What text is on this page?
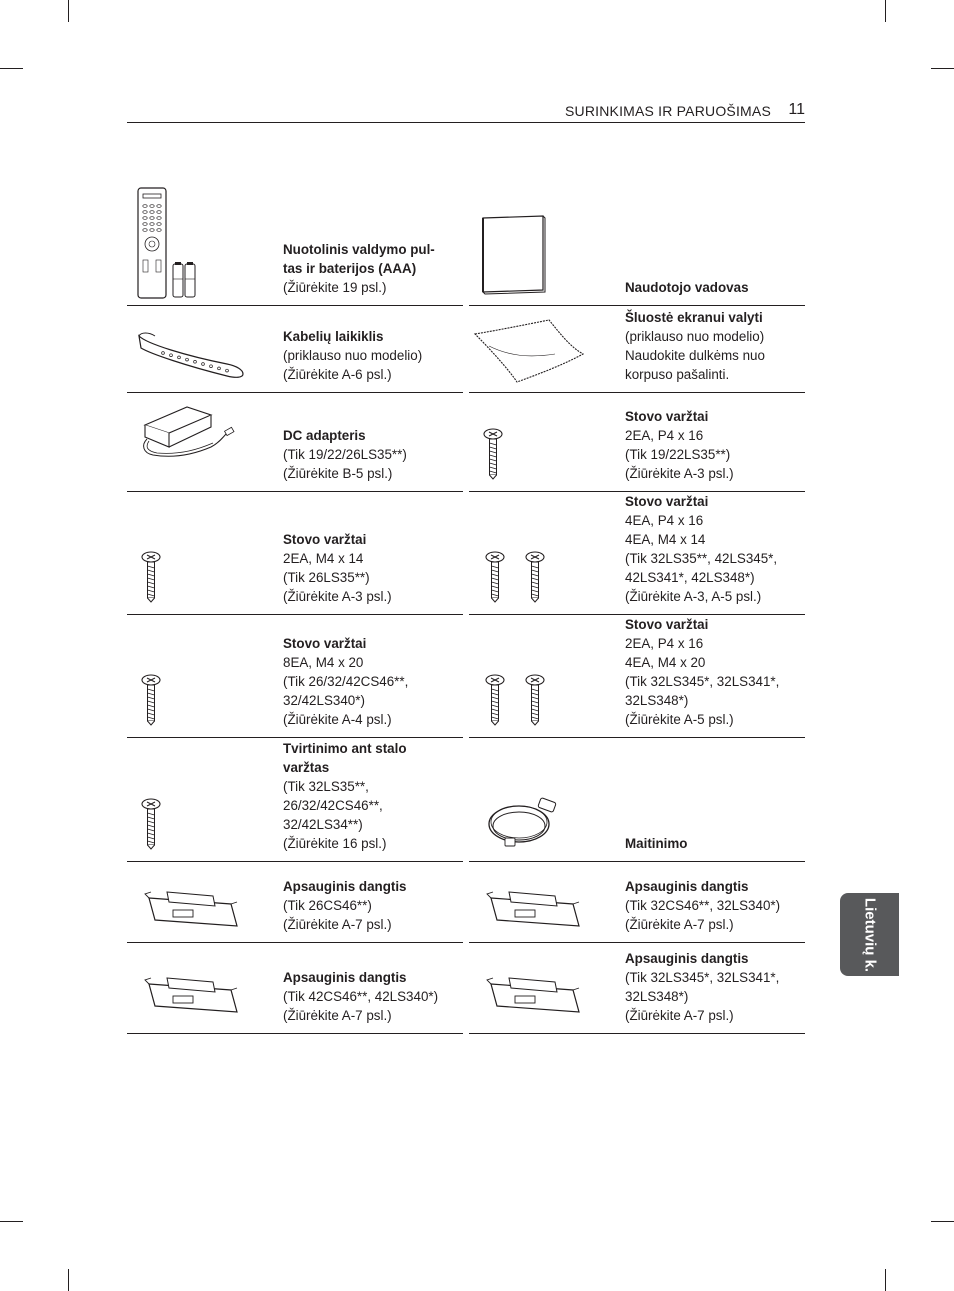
SURINKIMAS IR PARUOŠIMAS 11
Nuotolinis valdymo pul-
tas ir baterijos (AAA)
(Žiūrėkite 19 psl.)	Naudotojo vadovas
Kabelių laikiklis
(priklauso nuo modelio)
(Žiūrėkite A-6 psl.)
Šluostė ekranui valyti
(priklauso nuo modelio)
Naudokite dulkėms nuo
korpuso pašalinti.
DC adapteris
(Tik 19/22/26LS35**)
(Žiūrėkite B-5 psl.)
Stovo varžtai
2EA, P4 x 16
(Tik 19/22LS35**)
(Žiūrėkite A-3 psl.)
Stovo varžtai
2EA, M4 x 14
(Tik 26LS35**)
(Žiūrėkite A-3 psl.)
Stovo varžtai
4EA, P4 x 16
4EA, M4 x 14
(Tik 32LS35**, 42LS345*,
42LS341*, 42LS348*)
(Žiūrėkite A-3, A-5 psl.)
Stovo varžtai
8EA, M4 x 20
(Tik 26/32/42CS46**,
32/42LS340*)
(Žiūrėkite A-4 psl.)
Stovo varžtai
2EA, P4 x 16
4EA, M4 x 20
(Tik 32LS345*, 32LS341*,
32LS348*)
(Žiūrėkite A-5 psl.)
Tvirtinimo ant stalo
varžtas
(Tik 32LS35**,
26/32/42CS46**,
32/42LS34**)
(Žiūrėkite 16 psl.)	Maitinimo
Apsauginis dangtis
(Tik 26CS46**)
(Žiūrėkite A-7 psl.)
Apsauginis dangtis
(Tik 32CS46**, 32LS340*)
(Žiūrėkite A-7 psl.)
Apsauginis dangtis
(Tik 42CS46**, 42LS340*)
(Žiūrėkite A-7 psl.)
Apsauginis dangtis
(Tik 32LS345*, 32LS341*,
32LS348*)
(Žiūrėkite A-7 psl.)
Lietuvių k.
